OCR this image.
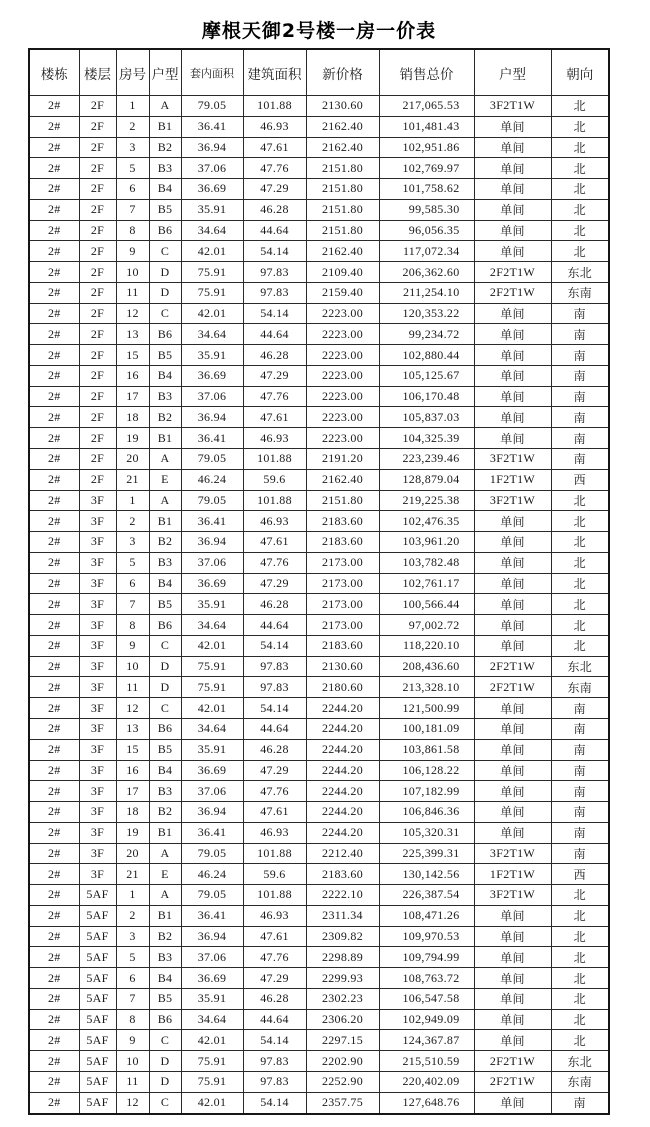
摩根天御2号楼一房一价表
楼栋	楼层	房号	户型	套内面积	建筑面积	新价格	销售总价	户型	朝向
2#	2F	1	A	79.05	101.88	2130.60	217,065.53	3F2T1W	北
2#	2F	2	B1	36.41	46.93	2162.40	101,481.43	单间	北
2#	2F	3	B2	36.94	47.61	2162.40	102,951.86	单间	北
2#	2F	5	B3	37.06	47.76	2151.80	102,769.97	单间	北
2#	2F	6	B4	36.69	47.29	2151.80	101,758.62	单间	北
2#	2F	7	B5	35.91	46.28	2151.80	99,585.30	单间	北
2#	2F	8	B6	34.64	44.64	2151.80	96,056.35	单间	北
2#	2F	9	C	42.01	54.14	2162.40	117,072.34	单间	北
2#	2F	10	D	75.91	97.83	2109.40	206,362.60	2F2T1W	东北
2#	2F	11	D	75.91	97.83	2159.40	211,254.10	2F2T1W	东南
2#	2F	12	C	42.01	54.14	2223.00	120,353.22	单间	南
2#	2F	13	B6	34.64	44.64	2223.00	99,234.72	单间	南
2#	2F	15	B5	35.91	46.28	2223.00	102,880.44	单间	南
2#	2F	16	B4	36.69	47.29	2223.00	105,125.67	单间	南
2#	2F	17	B3	37.06	47.76	2223.00	106,170.48	单间	南
2#	2F	18	B2	36.94	47.61	2223.00	105,837.03	单间	南
2#	2F	19	B1	36.41	46.93	2223.00	104,325.39	单间	南
2#	2F	20	A	79.05	101.88	2191.20	223,239.46	3F2T1W	南
2#	2F	21	E	46.24	59.6	2162.40	128,879.04	1F2T1W	西
2#	3F	1	A	79.05	101.88	2151.80	219,225.38	3F2T1W	北
2#	3F	2	B1	36.41	46.93	2183.60	102,476.35	单间	北
2#	3F	3	B2	36.94	47.61	2183.60	103,961.20	单间	北
2#	3F	5	B3	37.06	47.76	2173.00	103,782.48	单间	北
2#	3F	6	B4	36.69	47.29	2173.00	102,761.17	单间	北
2#	3F	7	B5	35.91	46.28	2173.00	100,566.44	单间	北
2#	3F	8	B6	34.64	44.64	2173.00	97,002.72	单间	北
2#	3F	9	C	42.01	54.14	2183.60	118,220.10	单间	北
2#	3F	10	D	75.91	97.83	2130.60	208,436.60	2F2T1W	东北
2#	3F	11	D	75.91	97.83	2180.60	213,328.10	2F2T1W	东南
2#	3F	12	C	42.01	54.14	2244.20	121,500.99	单间	南
2#	3F	13	B6	34.64	44.64	2244.20	100,181.09	单间	南
2#	3F	15	B5	35.91	46.28	2244.20	103,861.58	单间	南
2#	3F	16	B4	36.69	47.29	2244.20	106,128.22	单间	南
2#	3F	17	B3	37.06	47.76	2244.20	107,182.99	单间	南
2#	3F	18	B2	36.94	47.61	2244.20	106,846.36	单间	南
2#	3F	19	B1	36.41	46.93	2244.20	105,320.31	单间	南
2#	3F	20	A	79.05	101.88	2212.40	225,399.31	3F2T1W	南
2#	3F	21	E	46.24	59.6	2183.60	130,142.56	1F2T1W	西
2#	5AF	1	A	79.05	101.88	2222.10	226,387.54	3F2T1W	北
2#	5AF	2	B1	36.41	46.93	2311.34	108,471.26	单间	北
2#	5AF	3	B2	36.94	47.61	2309.82	109,970.53	单间	北
2#	5AF	5	B3	37.06	47.76	2298.89	109,794.99	单间	北
2#	5AF	6	B4	36.69	47.29	2299.93	108,763.72	单间	北
2#	5AF	7	B5	35.91	46.28	2302.23	106,547.58	单间	北
2#	5AF	8	B6	34.64	44.64	2306.20	102,949.09	单间	北
2#	5AF	9	C	42.01	54.14	2297.15	124,367.87	单间	北
2#	5AF	10	D	75.91	97.83	2202.90	215,510.59	2F2T1W	东北
2#	5AF	11	D	75.91	97.83	2252.90	220,402.09	2F2T1W	东南
2#	5AF	12	C	42.01	54.14	2357.75	127,648.76	单间	南
